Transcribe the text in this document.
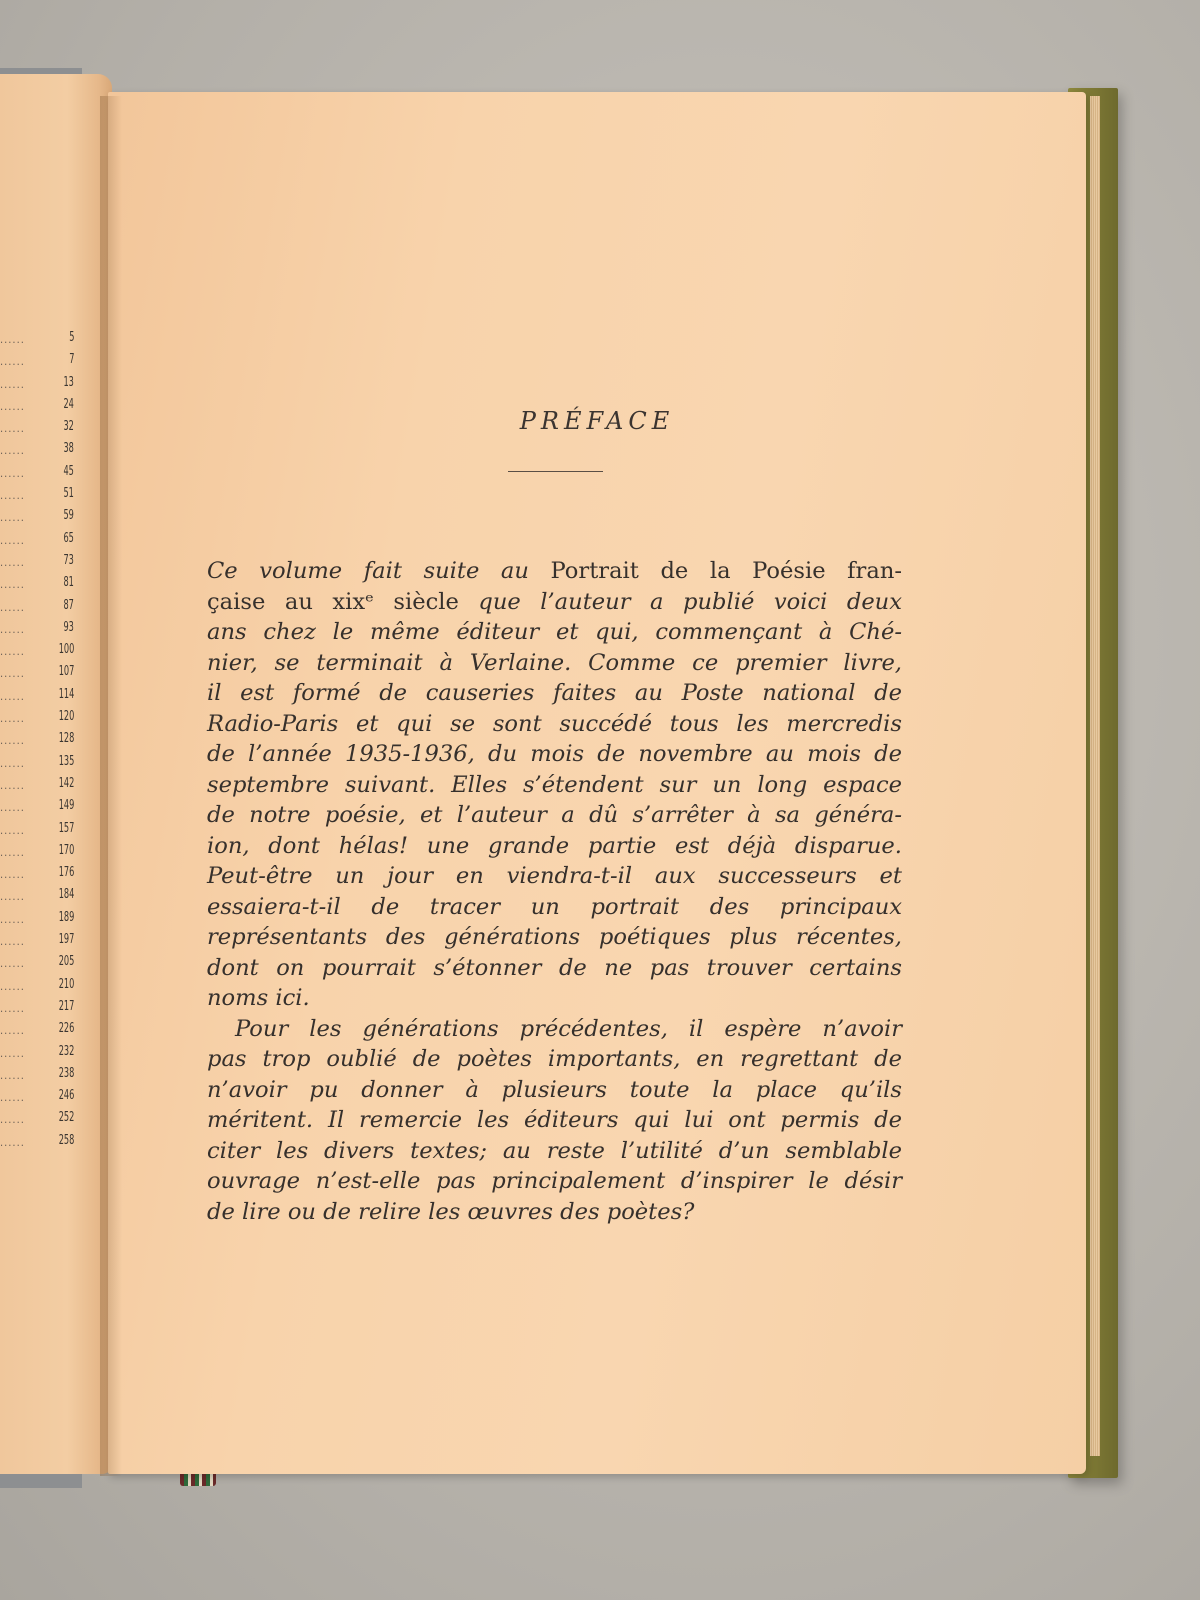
......	5
......	7
......	13
......	24
......	32
......	38
......	45
......	51
......	59
......	65
......	73
......	81
......	87
......	93
......	100
......	107
......	114
......	120
......	128
......	135
......	142
......	149
......	157
......	170
......	176
......	184
......	189
......	197
......	205
......	210
......	217
......	226
......	232
......	238
......	246
......	252
......	258
PRÉFACE
Ce volume fait suite au Portrait de la Poésie fran-
çaise au xixᵉ siècle que l’auteur a publié voici deux
ans chez le même éditeur et qui, commençant à Ché-
nier, se terminait à Verlaine. Comme ce premier livre,
il est formé de causeries faites au Poste national de
Radio-Paris et qui se sont succédé tous les mercredis
de l’année 1935-1936, du mois de novembre au mois de
septembre suivant. Elles s’étendent sur un long espace
de notre poésie, et l’auteur a dû s’arrêter à sa généra-
ion, dont hélas! une grande partie est déjà disparue.
Peut-être un jour en viendra-t-il aux successeurs et
essaiera-t-il de tracer un portrait des principaux
représentants des générations poétiques plus récentes,
dont on pourrait s’étonner de ne pas trouver certains
noms ici.
Pour les générations précédentes, il espère n’avoir
pas trop oublié de poètes importants, en regrettant de
n’avoir pu donner à plusieurs toute la place qu’ils
méritent. Il remercie les éditeurs qui lui ont permis de
citer les divers textes; au reste l’utilité d’un semblable
ouvrage n’est-elle pas principalement d’inspirer le désir
de lire ou de relire les œuvres des poètes?
